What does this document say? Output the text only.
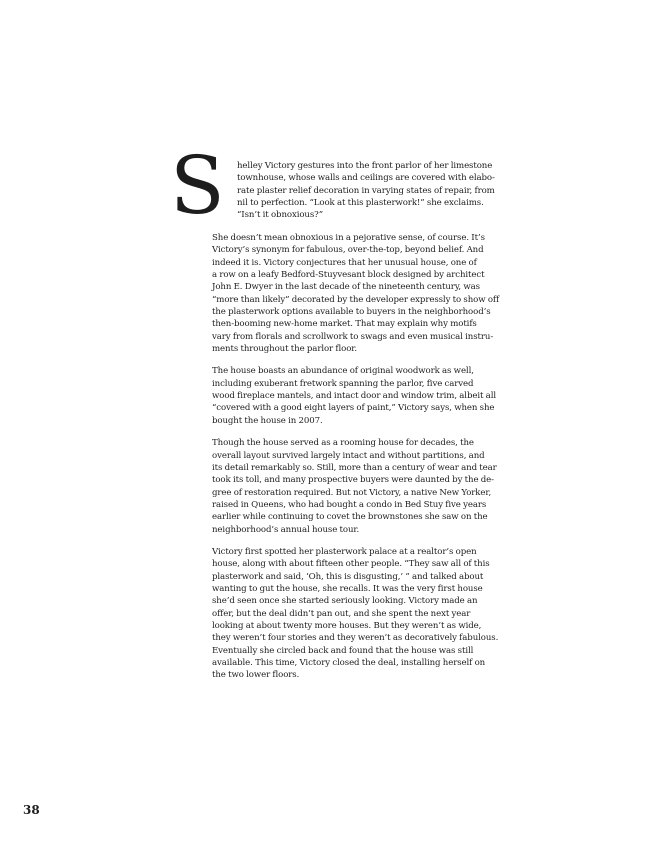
S helley Victory gestures into the front parlor of her limestone
townhouse, whose walls and ceilings are covered with elabo-
rate plaster relief decoration in varying states of repair, from
nil to perfection. “Look at this plasterwork!” she exclaims.
“Isn’t it obnoxious?”
She doesn’t mean obnoxious in a pejorative sense, of course. It’s
Victory’s synonym for fabulous, over-the-top, beyond belief. And
indeed it is. Victory conjectures that her unusual house, one of
a row on a leafy Bedford-Stuyvesant block designed by architect
John E. Dwyer in the last decade of the nineteenth century, was
“more than likely” decorated by the developer expressly to show off
the plasterwork options available to buyers in the neighborhood’s
then-booming new-home market. That may explain why motifs
vary from florals and scrollwork to swags and even musical instru-
ments throughout the parlor floor.
The house boasts an abundance of original woodwork as well,
including exuberant fretwork spanning the parlor, five carved
wood fireplace mantels, and intact door and window trim, albeit all
“covered with a good eight layers of paint,” Victory says, when she
bought the house in 2007.
Though the house served as a rooming house for decades, the
overall layout survived largely intact and without partitions, and
its detail remarkably so. Still, more than a century of wear and tear
took its toll, and many prospective buyers were daunted by the de-
gree of restoration required. But not Victory, a native New Yorker,
raised in Queens, who had bought a condo in Bed Stuy five years
earlier while continuing to covet the brownstones she saw on the
neighborhood’s annual house tour.
Victory first spotted her plasterwork palace at a realtor’s open
house, along with about fifteen other people. “They saw all of this
plasterwork and said, ‘Oh, this is disgusting,’ ” and talked about
wanting to gut the house, she recalls. It was the very first house
she’d seen once she started seriously looking. Victory made an
offer, but the deal didn’t pan out, and she spent the next year
looking at about twenty more houses. But they weren’t as wide,
they weren’t four stories and they weren’t as decoratively fabulous.
Eventually she circled back and found that the house was still
available. This time, Victory closed the deal, installing herself on
the two lower floors.
38
